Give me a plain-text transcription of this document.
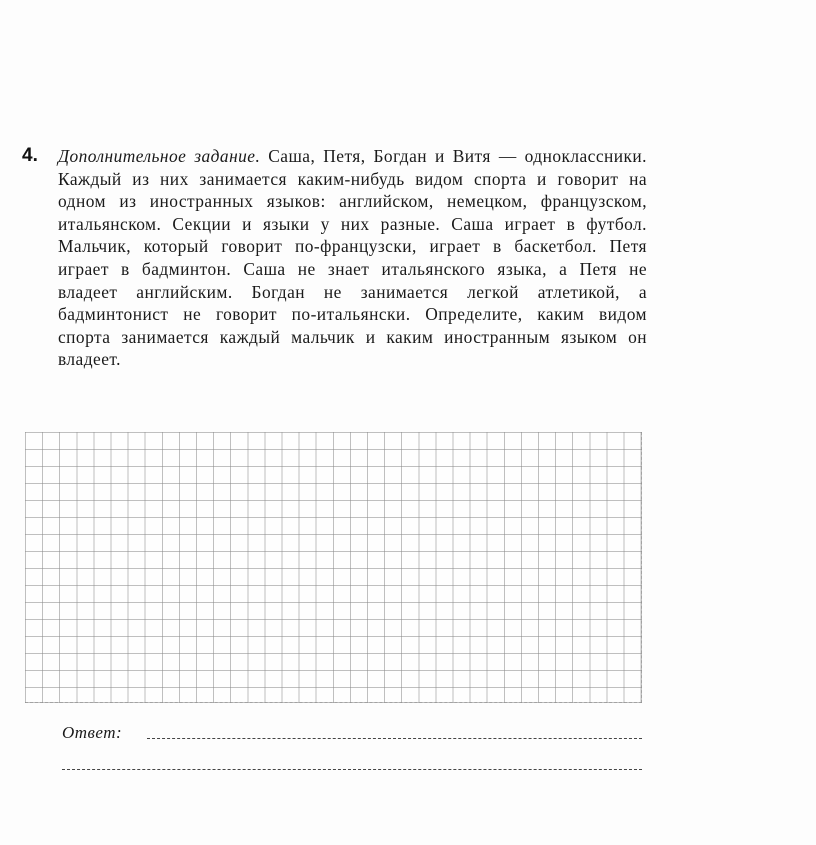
4. Дополнительное задание. Саша, Петя, Богдан и Витя — одноклассники. Каждый из них занимается каким-нибудь видом спорта и говорит на одном из иностранных языков: английском, немецком, французском, итальянском. Секции и языки у них разные. Саша играет в футбол. Мальчик, который говорит по-французски, играет в баскетбол. Петя играет в бадминтон. Саша не знает итальянского языка, а Петя не владеет английским. Богдан не занимается легкой атлетикой, а бадминтонист не говорит по-итальянски. Определите, каким видом спорта занимается каждый мальчик и каким иностранным языком он владеет.
Ответ:
